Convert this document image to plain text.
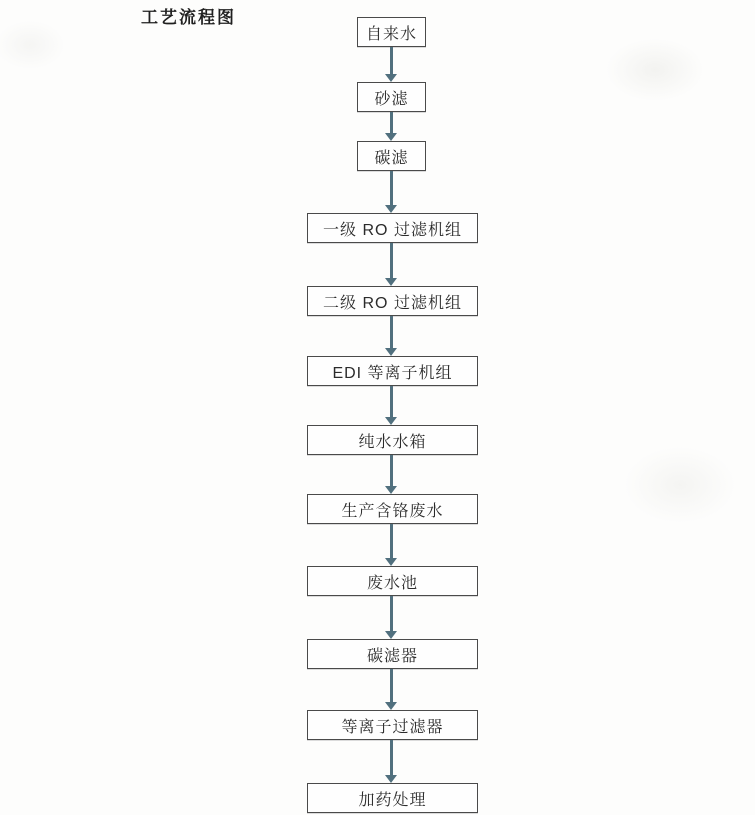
工艺流程图
自来水
砂滤
碳滤
一级 RO 过滤机组
二级 RO 过滤机组
EDI 等离子机组
纯水水箱
生产含铬废水
废水池
碳滤器
等离子过滤器
加药处理
